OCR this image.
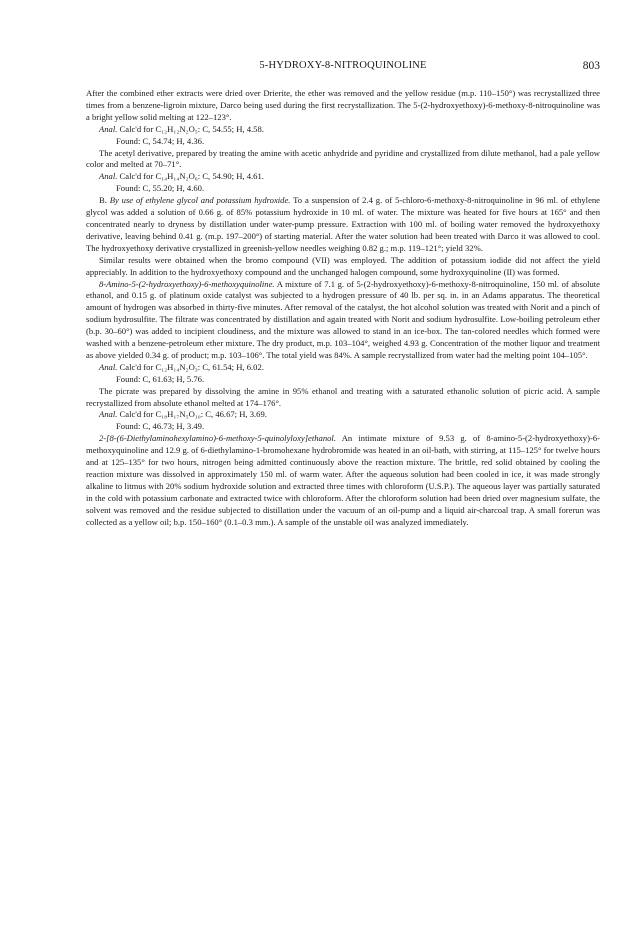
5-HYDROXY-8-NITROQUINOLINE	803

After the combined ether extracts were dried over Drierite, the ether was removed and the yellow residue (m.p. 110–150°) was recrystallized three times from a benzene-ligroin mixture, Darco being used during the first recrystallization. The 5-(2-hydroxyethoxy)-6-methoxy-8-nitroquinoline was a bright yellow solid melting at 122–123°.

Anal. Calc'd for C₁₂H₁₂N₂O₅: C, 54.55; H, 4.58.

Found: C, 54.74; H, 4.36.

The acetyl derivative, prepared by treating the amine with acetic anhydride and pyridine and crystallized from dilute methanol, had a pale yellow color and melted at 70–71°.

Anal. Calc'd for C₁₄H₁₄N₂O₆: C, 54.90; H, 4.61.

Found: C, 55.20; H, 4.60.

B. By use of ethylene glycol and potassium hydroxide. To a suspension of 2.4 g. of 5-chloro-6-methoxy-8-nitroquinoline in 96 ml. of ethylene glycol was added a solution of 0.66 g. of 85% potassium hydroxide in 10 ml. of water. The mixture was heated for five hours at 165° and then concentrated nearly to dryness by distillation under water-pump pressure. Extraction with 100 ml. of boiling water removed the hydroxyethoxy derivative, leaving behind 0.41 g. (m.p. 197–200°) of starting material. After the water solution had been treated with Darco it was allowed to cool. The hydroxyethoxy derivative crystallized in greenish-yellow needles weighing 0.82 g.; m.p. 119–121°; yield 32%.

Similar results were obtained when the bromo compound (VII) was employed. The addition of potassium iodide did not affect the yield appreciably. In addition to the hydroxyethoxy compound and the unchanged halogen compound, some hydroxyquinoline (II) was formed.

8-Amino-5-(2-hydroxyethoxy)-6-methoxyquinoline. A mixture of 7.1 g. of 5-(2-hydroxyethoxy)-6-methoxy-8-nitroquinoline, 150 ml. of absolute ethanol, and 0.15 g. of platinum oxide catalyst was subjected to a hydrogen pressure of 40 lb. per sq. in. in an Adams apparatus. The theoretical amount of hydrogen was absorbed in thirty-five minutes. After removal of the catalyst, the hot alcohol solution was treated with Norit and a pinch of sodium hydrosulfite. The filtrate was concentrated by distillation and again treated with Norit and sodium hydrosulfite. Low-boiling petroleum ether (b.p. 30–60°) was added to incipient cloudiness, and the mixture was allowed to stand in an ice-box. The tan-colored needles which formed were washed with a benzene-petroleum ether mixture. The dry product, m.p. 103–104°, weighed 4.93 g. Concentration of the mother liquor and treatment as above yielded 0.34 g. of product; m.p. 103–106°. The total yield was 84%. A sample recrystallized from water had the melting point 104–105°.

Anal. Calc'd for C₁₂H₁₄N₂O₃: C, 61.54; H, 6.02.

Found: C, 61.63; H, 5.76.

The picrate was prepared by dissolving the amine in 95% ethanol and treating with a saturated ethanolic solution of picric acid. A sample recrystallized from absolute ethanol melted at 174–176°.

Anal. Calc'd for C₁₈H₁₇N₅O₁₀: C, 46.67; H, 3.69.

Found: C, 46.73; H, 3.49.

2-[8-(6-Diethylaminohexylamino)-6-methoxy-5-quinolyloxy]ethanol. An intimate mixture of 9.53 g. of 8-amino-5-(2-hydroxyethoxy)-6-methoxyquinoline and 12.9 g. of 6-diethylamino-1-bromohexane hydrobromide was heated in an oil-bath, with stirring, at 115–125° for twelve hours and at 125–135° for two hours, nitrogen being admitted continuously above the reaction mixture. The brittle, red solid obtained by cooling the reaction mixture was dissolved in approximately 150 ml. of warm water. After the aqueous solution had been cooled in ice, it was made strongly alkaline to litmus with 20% sodium hydroxide solution and extracted three times with chloroform (U.S.P.). The aqueous layer was partially saturated in the cold with potassium carbonate and extracted twice with chloroform. After the chloroform solution had been dried over magnesium sulfate, the solvent was removed and the residue subjected to distillation under the vacuum of an oil-pump and a liquid air-charcoal trap. A small forerun was collected as a yellow oil; b.p. 150–160° (0.1–0.3 mm.). A sample of the unstable oil was analyzed immediately.
